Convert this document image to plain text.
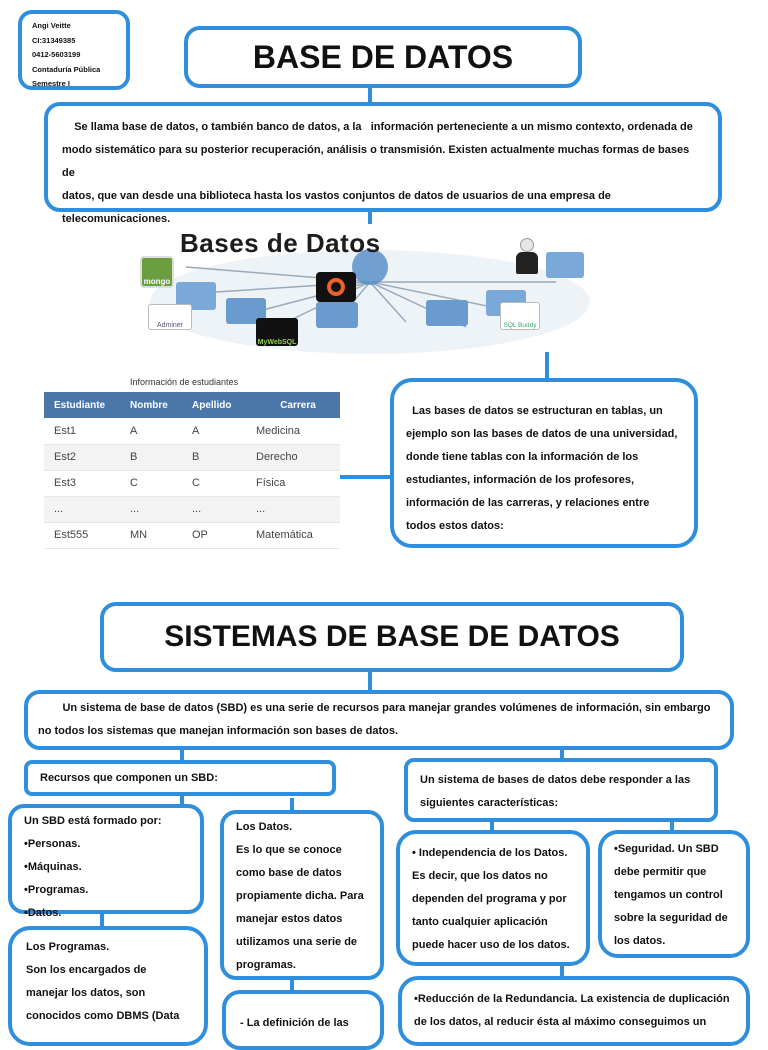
Angi Veitte
CI:31349385
0412-5603199
Contaduría Pública
Semestre I
BASE DE DATOS
Se llama base de datos, o también banco de datos, a la   información perteneciente a un mismo contexto, ordenada de
modo sistemático para su posterior recuperación, análisis o transmisión. Existen actualmente muchas formas de bases de
datos, que van desde una biblioteca hasta los vastos conjuntos de datos de usuarios de una empresa de
telecomunicaciones.
Bases de Datos
mongo
MyWebSQL
Adminer	SQL Buddy
Información de estudiantes
Estudiante	Nombre	Apellido	Carrera
Est1	A	A	Medicina
Est2	B	B	Derecho
Est3	C	C	Física
...	...	...	...
Est555	MN	OP	Matemática
Las bases de datos se estructuran en tablas, un
ejemplo son las bases de datos de una universidad,
donde tiene tablas con la información de los
estudiantes, información de los profesores,
información de las carreras, y relaciones entre
todos estos datos:
SISTEMAS DE BASE DE DATOS
Un sistema de base de datos (SBD) es una serie de recursos para manejar grandes volúmenes de información, sin embargo
no todos los sistemas que manejan información son bases de datos.
Recursos que componen un SBD:
Un SBD está formado por:
•Personas.
•Máquinas.
•Programas.
•Datos.
Los Datos.
Es lo que se conoce
como base de datos
propiamente dicha. Para
manejar estos datos
utilizamos una serie de
programas.
Los Programas.
Son los encargados de
manejar los datos, son
conocidos como DBMS (Data
- La definición de las
Un sistema de bases de datos debe responder a las
siguientes características:
• Independencia de los Datos.
Es decir, que los datos no
dependen del programa y por
tanto cualquier aplicación
puede hacer uso de los datos.
•Seguridad. Un SBD
debe permitir que
tengamos un control
sobre la seguridad de
los datos.
•Reducción de la Redundancia. La existencia de duplicación
de los datos, al reducir ésta al máximo conseguimos un
